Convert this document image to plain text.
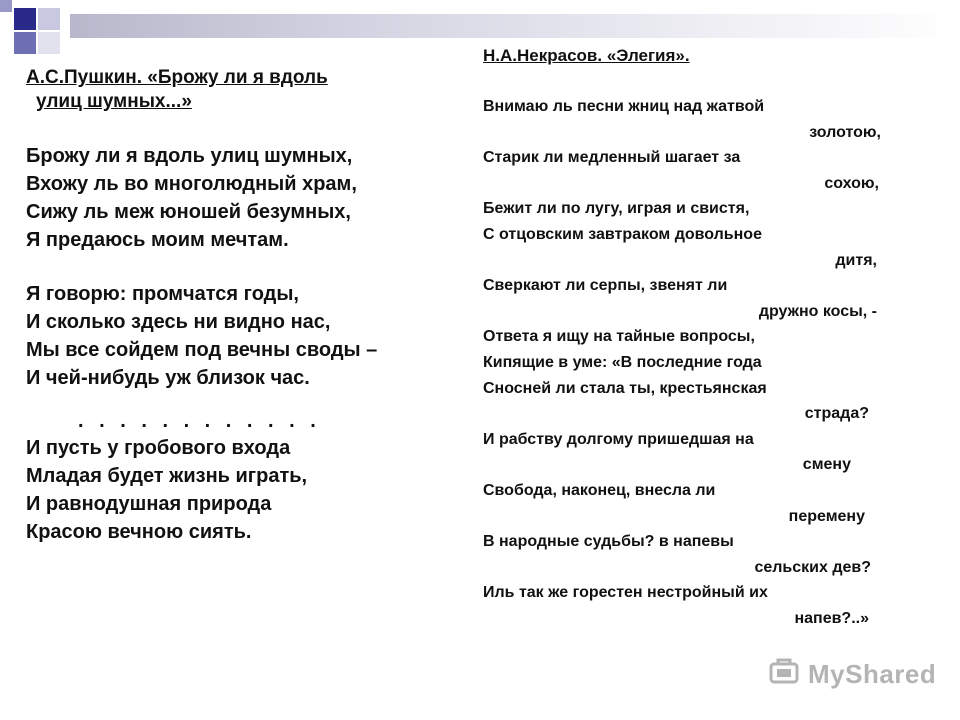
А.С.Пушкин. «Брожу ли я вдоль
улиц шумных...»

Брожу ли я вдоль улиц шумных,

Вхожу ль во многолюдный храм,

Сижу ль меж юношей безумных,

Я предаюсь моим мечтам.

Я говорю: промчатся годы,

И сколько здесь ни видно нас,

Мы все сойдем под вечны своды –

И чей-нибудь уж близок час.

. . . . . . . . . . . .

И пусть у гробового входа

Младая будет жизнь играть,

И равнодушная природа

Красою вечною сиять.

Н.А.Некрасов. «Элегия».

Внимаю ль песни жниц над жатвой

золотою,

Старик ли медленный шагает за

сохою,

Бежит ли по лугу, играя и свистя,

С отцовским завтраком довольное

дитя,

Сверкают ли серпы, звенят ли

дружно косы, -

Ответа я ищу на тайные вопросы,

Кипящие в уме: «В последние года

Сносней ли стала ты, крестьянская

страда?

И рабству долгому пришедшая на

смену

Свобода, наконец, внесла ли

перемену

В народные судьбы? в напевы

сельских дев?

Иль так же горестен нестройный их

напев?..»

MyShared
